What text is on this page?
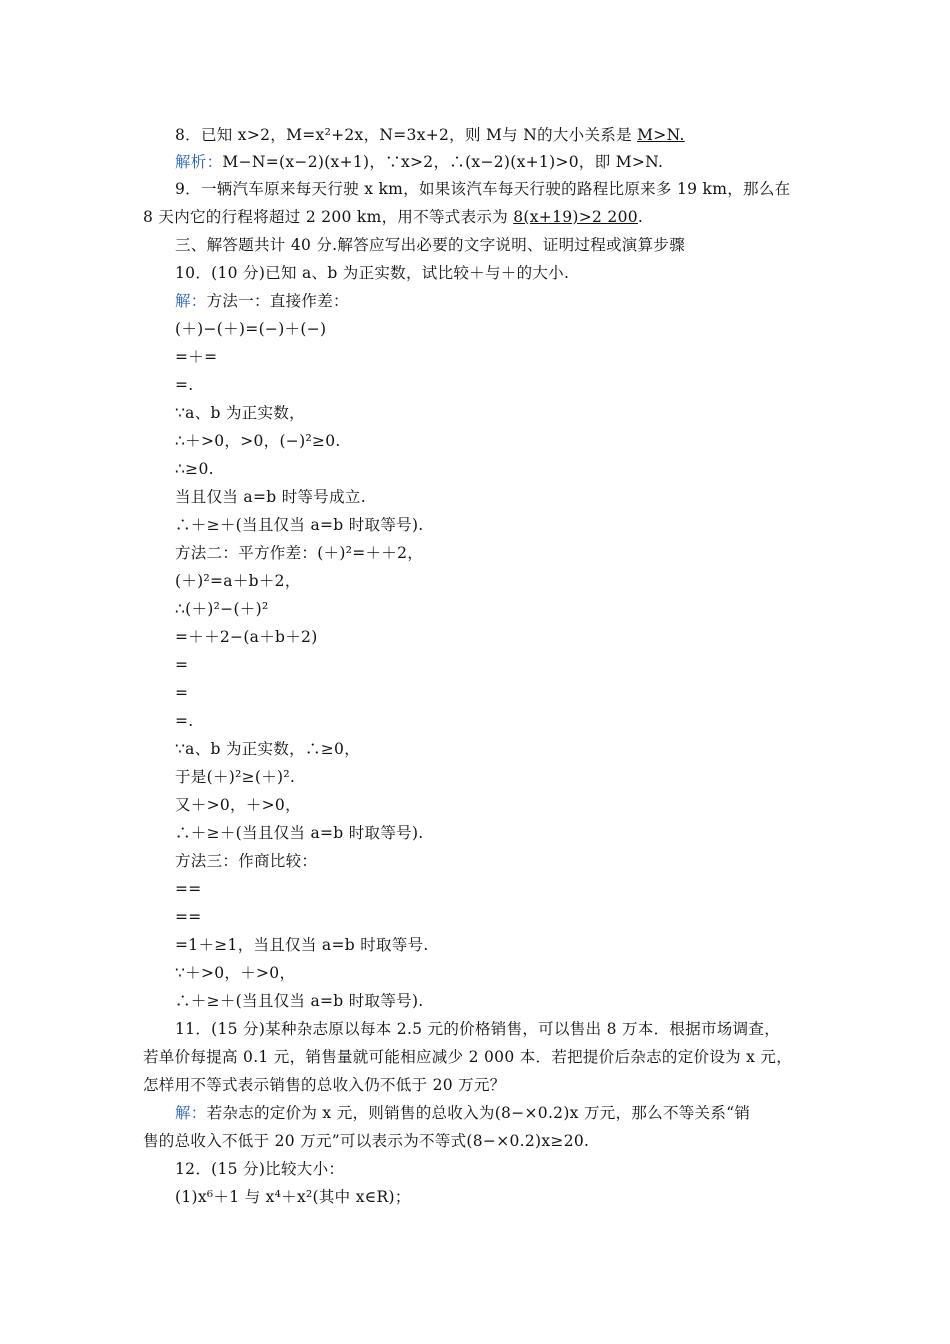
8．已知 x>2，M=x²+2x，N=3x+2，则 M与 N的大小关系是 M>N.
解析：M−N=(x−2)(x+1)，∵x>2，∴(x−2)(x+1)>0，即 M>N.
9．一辆汽车原来每天行驶 x km，如果该汽车每天行驶的路程比原来多 19 km，那么在
8 天内它的行程将超过 2 200 km，用不等式表示为 8(x+19)>2 200.
三、解答题共计 40 分.解答应写出必要的文字说明、证明过程或演算步骤
10．(10 分)已知 a、b 为正实数，试比较＋与＋的大小.
解：方法一：直接作差：
(＋)−(＋)=(−)＋(−)
=＋=
=.
∵a、b 为正实数，
∴＋>0，>0，(−)²≥0.
∴≥0.
当且仅当 a=b 时等号成立.
∴＋≥＋(当且仅当 a=b 时取等号).
方法二：平方作差：(＋)²=＋＋2，
(＋)²=a＋b＋2，
∴(＋)²−(＋)²
=＋＋2−(a＋b＋2)
=
=
=.
∵a、b 为正实数，∴≥0，
于是(＋)²≥(＋)².
又＋>0，＋>0，
∴＋≥＋(当且仅当 a=b 时取等号).
方法三：作商比较：
==
==
=1＋≥1，当且仅当 a=b 时取等号.
∵＋>0，＋>0，
∴＋≥＋(当且仅当 a=b 时取等号).
11．(15 分)某种杂志原以每本 2.5 元的价格销售，可以售出 8 万本．根据市场调查，
若单价每提高 0.1 元，销售量就可能相应减少 2 000 本．若把提价后杂志的定价设为 x 元，
怎样用不等式表示销售的总收入仍不低于 20 万元？
解：若杂志的定价为 x 元，则销售的总收入为(8−×0.2)x 万元，那么不等关系“销
售的总收入不低于 20 万元”可以表示为不等式(8−×0.2)x≥20.
12．(15 分)比较大小：
(1)x⁶＋1 与 x⁴＋x²(其中 x∈R)；
